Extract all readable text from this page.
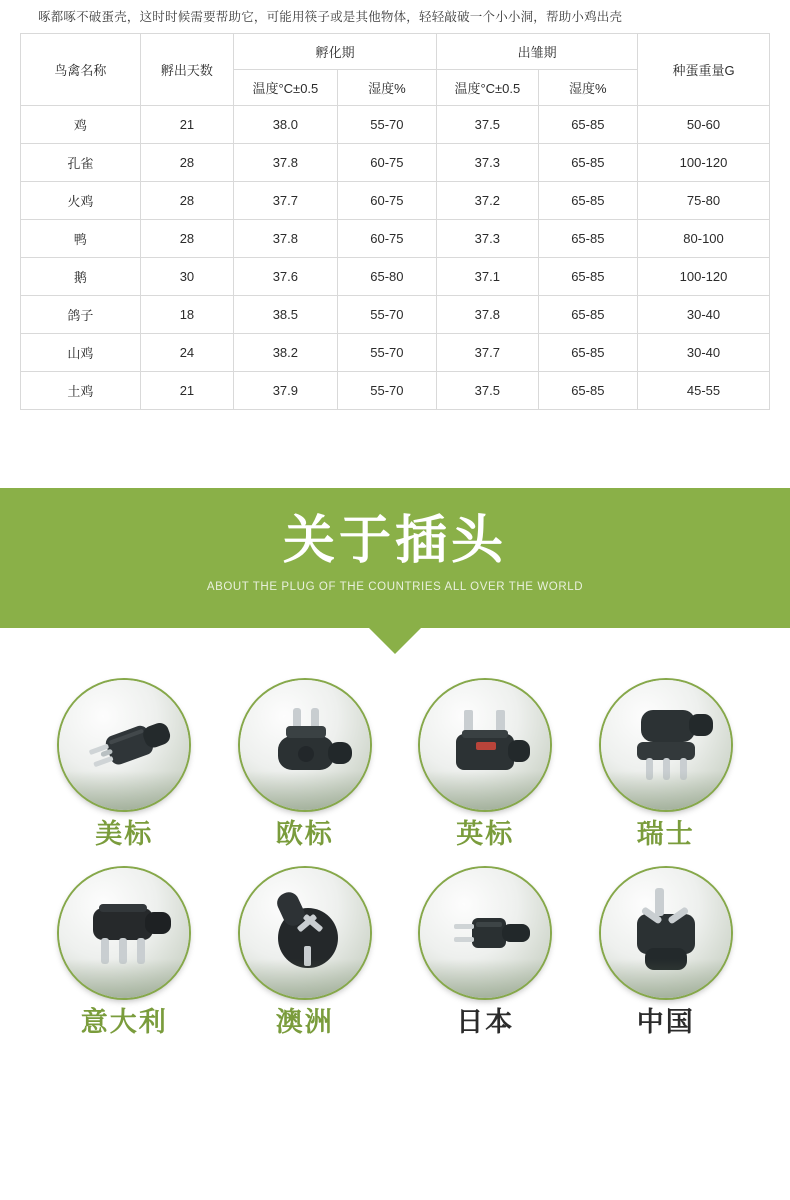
啄都啄不破蛋壳，这时时候需要帮助它，可能用筷子或是其他物体，轻轻敲破一个小小洞，帮助小鸡出壳
鸟禽名称	孵出天数	孵化期		出雏期		种蛋重量G
		温度°C±0.5	湿度%	温度°C±0.5	湿度%	
鸡	21	38.0	55-70	37.5	65-85	50-60
孔雀	28	37.8	60-75	37.3	65-85	100-120
火鸡	28	37.7	60-75	37.2	65-85	75-80
鸭	28	37.8	60-75	37.3	65-85	80-100
鹅	30	37.6	65-80	37.1	65-85	100-120
鸽子	18	38.5	55-70	37.8	65-85	30-40
山鸡	24	38.2	55-70	37.7	65-85	30-40
土鸡	21	37.9	55-70	37.5	65-85	45-55
关于插头
ABOUT THE PLUG OF THE COUNTRIES ALL OVER THE WORLD
美标	欧标	英标	瑞士
意大利	澳洲	日本	中国
